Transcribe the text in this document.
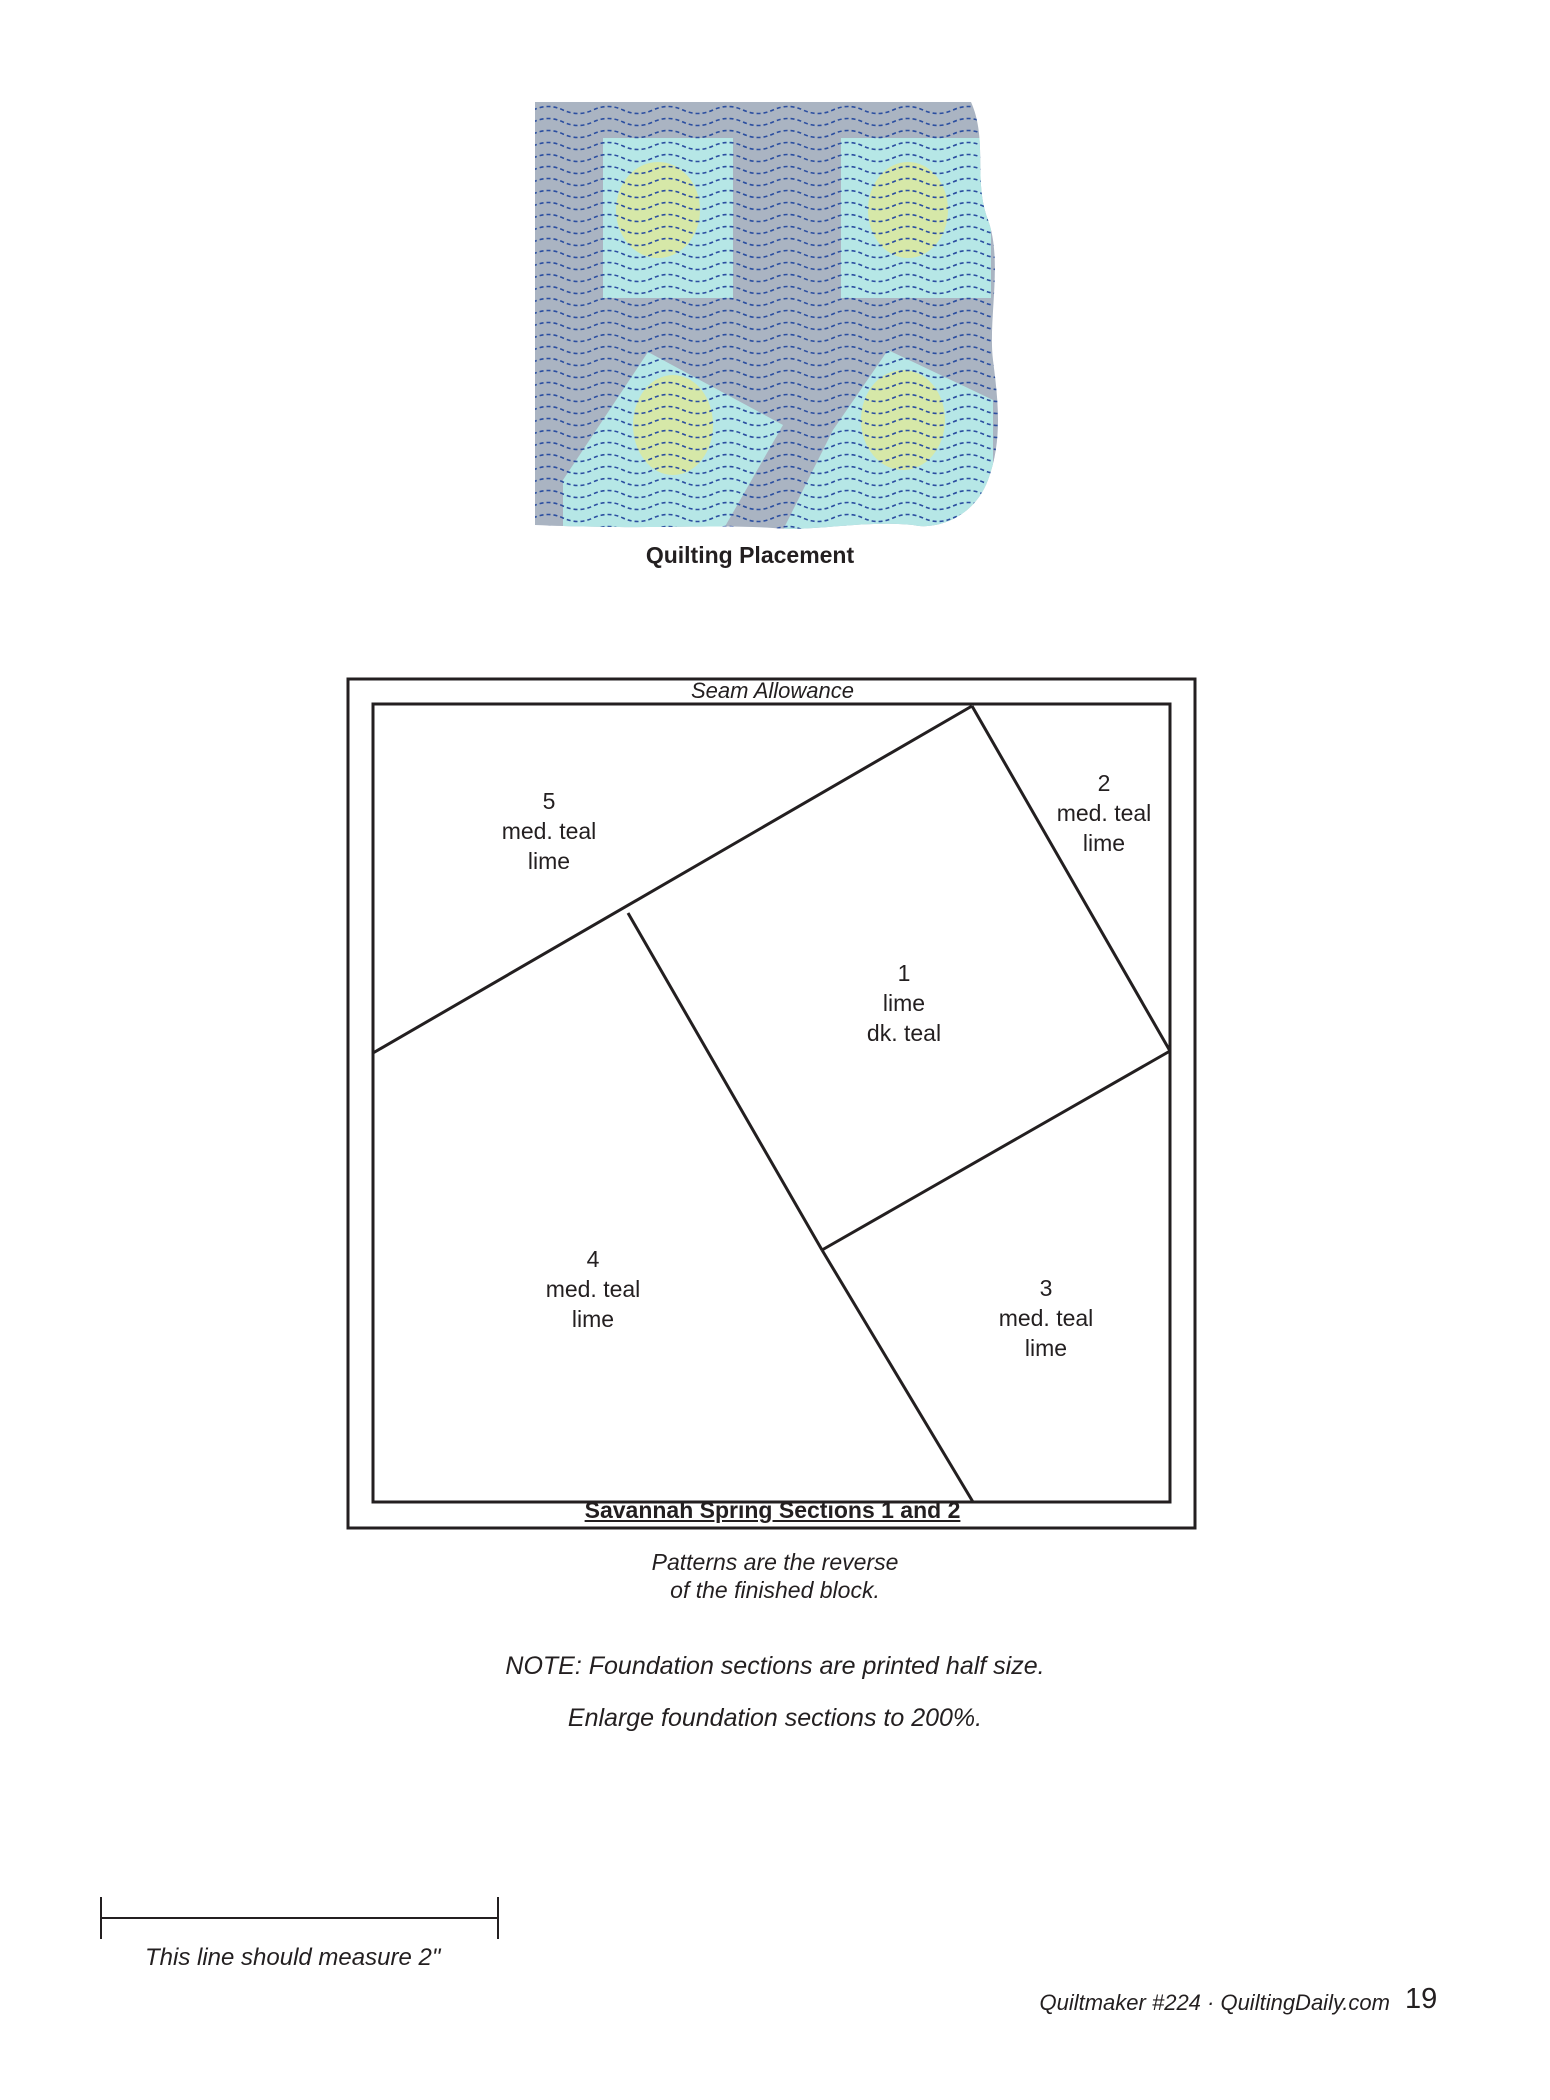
Quilting Placement
Seam Allowance
5
med. teal
lime
2
med. teal
lime
1
lime
dk. teal
4
med. teal
lime
3
med. teal
lime
Savannah Spring Sections 1 and 2
Patterns are the reverse
of the finished block.
NOTE: Foundation sections are printed half size.
Enlarge foundation sections to 200%.
This line should measure 2"
Quiltmaker #224 · QuiltingDaily.com 19
